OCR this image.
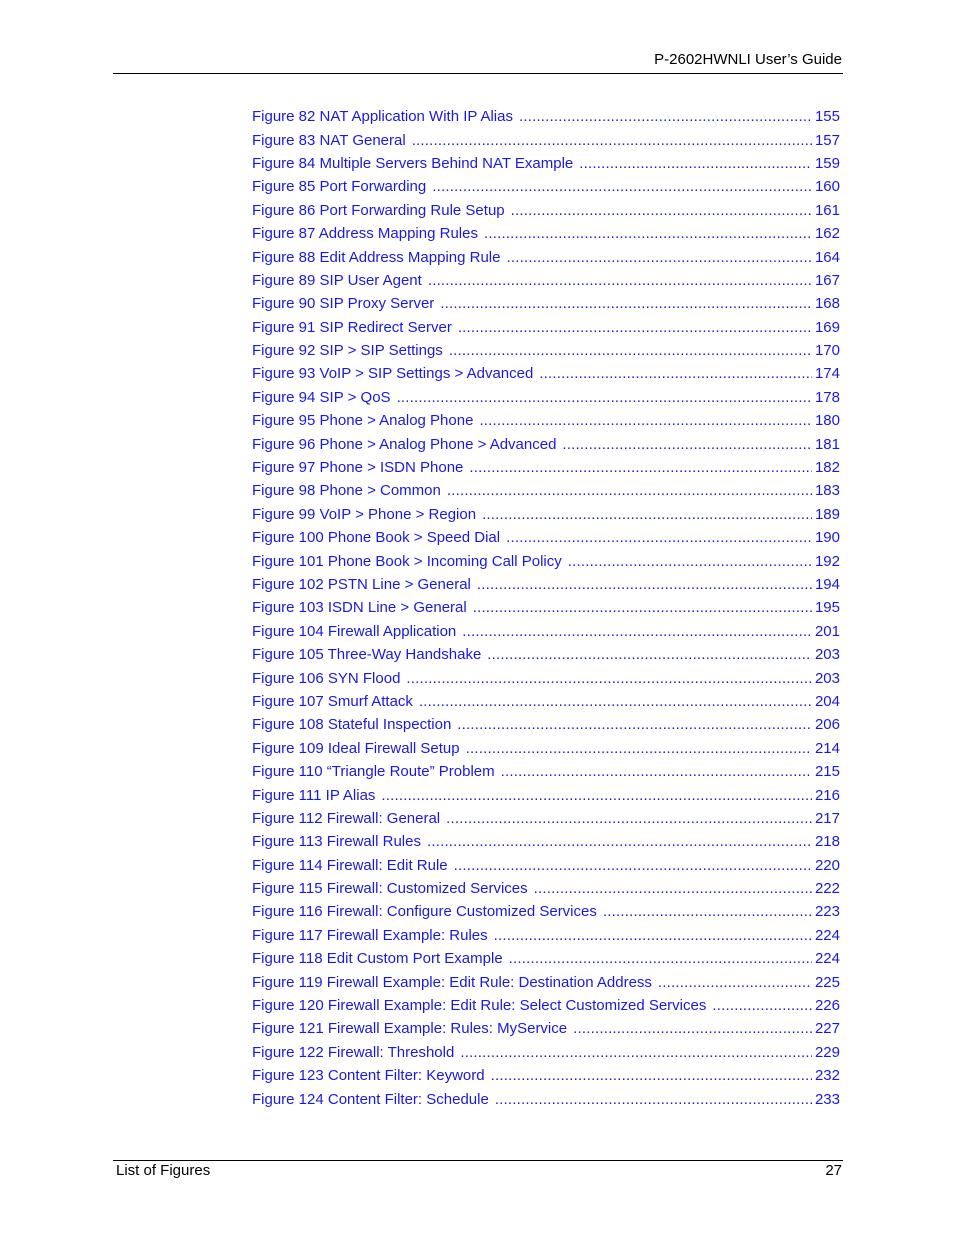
P-2602HWNLI User’s Guide
Figure 82 NAT Application With IP Alias .....	155
Figure 83 NAT General .....	157
Figure 84 Multiple Servers Behind NAT Example .....	159
Figure 85 Port Forwarding .....	160
Figure 86 Port Forwarding Rule Setup .....	161
Figure 87 Address Mapping Rules .....	162
Figure 88 Edit Address Mapping Rule .....	164
Figure 89 SIP User Agent .....	167
Figure 90 SIP Proxy Server .....	168
Figure 91 SIP Redirect Server .....	169
Figure 92 SIP > SIP Settings .....	170
Figure 93 VoIP > SIP Settings > Advanced .....	174
Figure 94 SIP > QoS .....	178
Figure 95 Phone > Analog Phone .....	180
Figure 96 Phone > Analog Phone > Advanced .....	181
Figure 97 Phone > ISDN Phone .....	182
Figure 98 Phone > Common .....	183
Figure 99 VoIP > Phone > Region .....	189
Figure 100 Phone Book > Speed Dial .....	190
Figure 101 Phone Book > Incoming Call Policy .....	192
Figure 102 PSTN Line > General .....	194
Figure 103 ISDN Line > General .....	195
Figure 104 Firewall Application .....	201
Figure 105 Three-Way Handshake .....	203
Figure 106 SYN Flood .....	203
Figure 107 Smurf Attack .....	204
Figure 108 Stateful Inspection .....	206
Figure 109 Ideal Firewall Setup .....	214
Figure 110 “Triangle Route” Problem .....	215
Figure 111 IP Alias .....	216
Figure 112 Firewall: General .....	217
Figure 113 Firewall Rules .....	218
Figure 114 Firewall: Edit Rule .....	220
Figure 115 Firewall: Customized Services .....	222
Figure 116 Firewall: Configure Customized Services .....	223
Figure 117 Firewall Example: Rules .....	224
Figure 118 Edit Custom Port Example .....	224
Figure 119 Firewall Example: Edit Rule: Destination Address .....	225
Figure 120 Firewall Example: Edit Rule: Select Customized Services .....	226
Figure 121 Firewall Example: Rules: MyService .....	227
Figure 122 Firewall: Threshold .....	229
Figure 123 Content Filter: Keyword .....	232
Figure 124 Content Filter: Schedule .....	233
List of Figures	27
